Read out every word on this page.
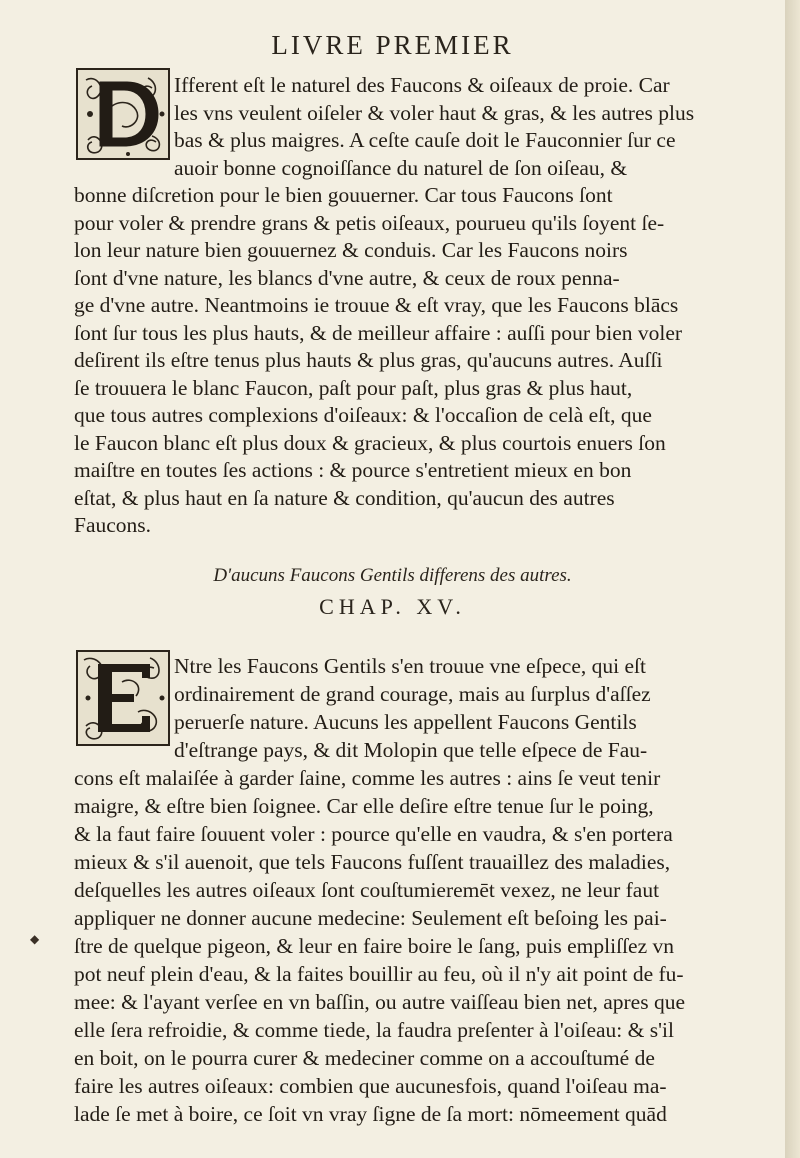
LIVRE PREMIER
Ifferent eſt le naturel des Faucons & oiſeaux de proie. Car
les vns veulent oiſeler & voler haut & gras, & les autres plus
bas & plus maigres. A ceſte cauſe doit le Fauconnier ſur ce
auoir bonne cognoiſſance du naturel de ſon oiſeau, &
bonne diſcretion pour le bien gouuerner. Car tous Faucons ſont
pour voler & prendre grans & petis oiſeaux, pourueu qu'ils ſoyent ſe-
lon leur nature bien gouuernez & conduis. Car les Faucons noirs
ſont d'vne nature, les blancs d'vne autre, & ceux de roux penna-
ge d'vne autre. Neantmoins ie trouue & eſt vray, que les Faucons blācs
ſont ſur tous les plus hauts, & de meilleur affaire : auſſi pour bien voler
deſirent ils eſtre tenus plus hauts & plus gras, qu'aucuns autres. Auſſi
ſe trouuera le blanc Faucon, paſt pour paſt, plus gras & plus haut,
que tous autres complexions d'oiſeaux: & l'occaſion de celà eſt, que
le Faucon blanc eſt plus doux & gracieux, & plus courtois enuers ſon
maiſtre en toutes ſes actions : & pource s'entretient mieux en bon
eſtat, & plus haut en ſa nature & condition, qu'aucun des autres
Faucons.
D'aucuns Faucons Gentils differens des autres.
CHAP. XV.
Ntre les Faucons Gentils s'en trouue vne eſpece, qui eſt
ordinairement de grand courage, mais au ſurplus d'aſſez
peruerſe nature. Aucuns les appellent Faucons Gentils
d'eſtrange pays, & dit Molopin que telle eſpece de Fau-
cons eſt malaiſée à garder ſaine, comme les autres : ains ſe veut tenir
maigre, & eſtre bien ſoignee. Car elle deſire eſtre tenue ſur le poing,
& la faut faire ſouuent voler : pource qu'elle en vaudra, & s'en portera
mieux & s'il auenoit, que tels Faucons fuſſent trauaillez des maladies,
deſquelles les autres oiſeaux ſont couſtumieremēt vexez, ne leur faut
appliquer ne donner aucune medecine: Seulement eſt beſoing les pai-
ſtre de quelque pigeon, & leur en faire boire le ſang, puis empliſſez vn
pot neuf plein d'eau, & la faites bouillir au feu, où il n'y ait point de fu-
mee: & l'ayant verſee en vn baſſin, ou autre vaiſſeau bien net, apres que
elle ſera refroidie, & comme tiede, la faudra preſenter à l'oiſeau: & s'il
en boit, on le pourra curer & medeciner comme on a accouſtumé de
faire les autres oiſeaux: combien que aucunesfois, quand l'oiſeau ma-
lade ſe met à boire, ce ſoit vn vray ſigne de ſa mort: nōmeement quād
◆
